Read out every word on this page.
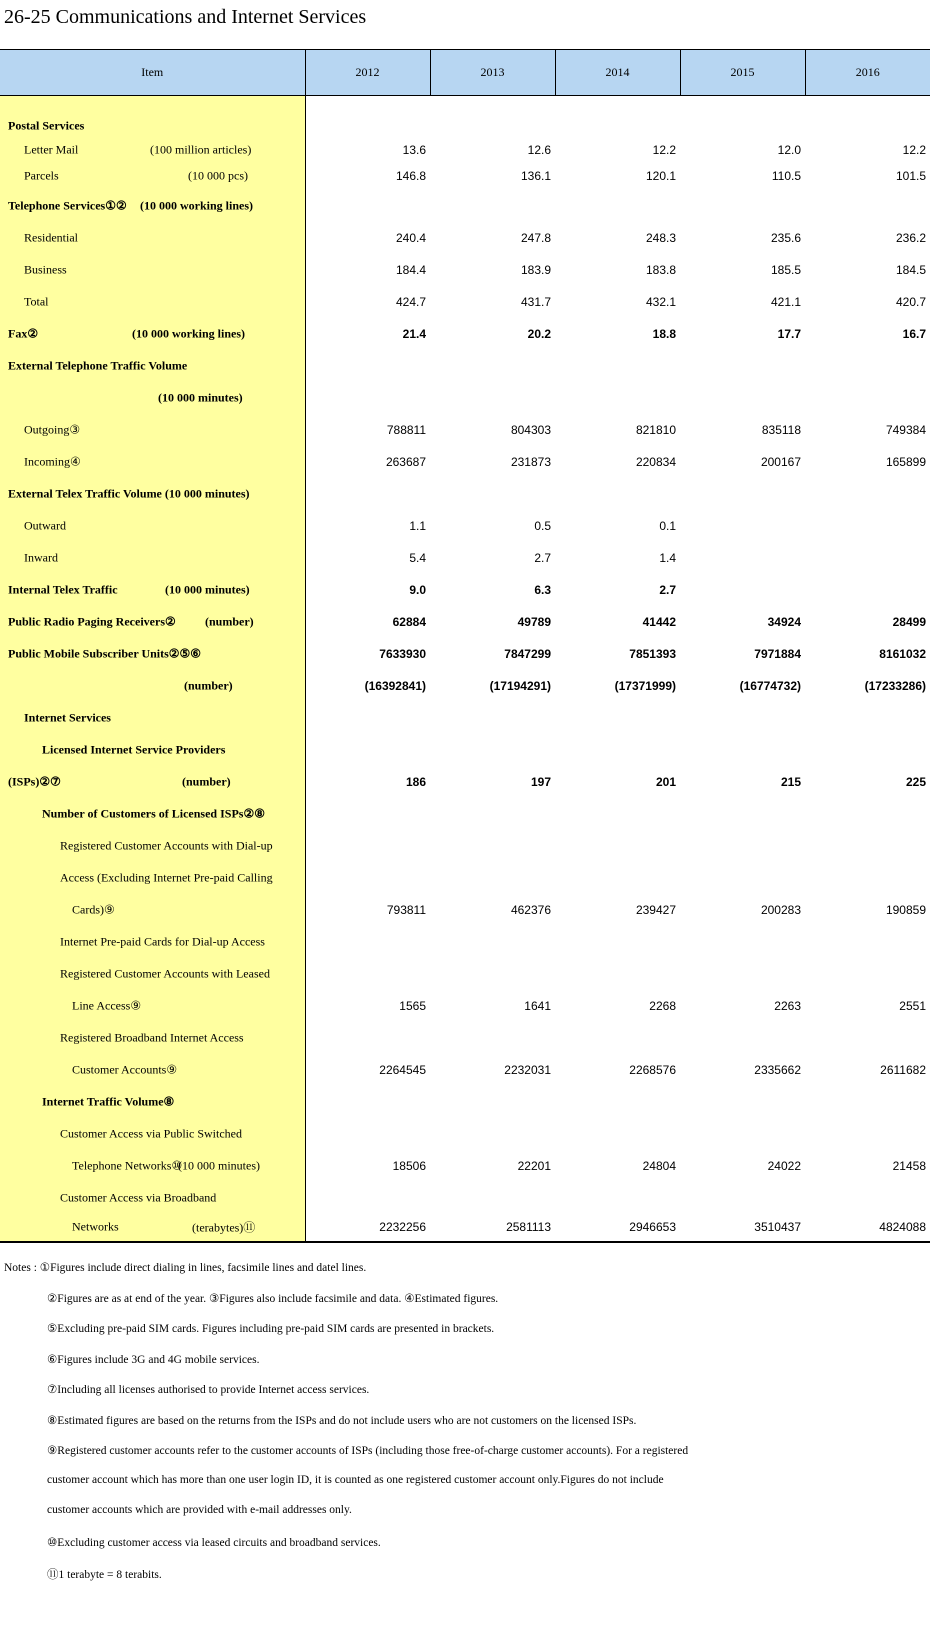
26-25 Communications and Internet Services
Item	2012	2013	2014	2015	2016

Postal Services					

Letter Mail (100 million articles)	13.6	12.6	12.2	12.0	12.2

Parcels (10 000 pcs)	146.8	136.1	120.1	110.5	101.5

Telephone Services①② (10 000 working lines)					

Residential	240.4	247.8	248.3	235.6	236.2

Business	184.4	183.9	183.8	185.5	184.5

Total	424.7	431.7	432.1	421.1	420.7

Fax② (10 000 working lines)	21.4	20.2	18.8	17.7	16.7

External Telephone Traffic Volume					

(10 000 minutes)					

Outgoing③	788811	804303	821810	835118	749384

Incoming④	263687	231873	220834	200167	165899

External Telex Traffic Volume (10 000 minutes)					

Outward	1.1	0.5	0.1		

Inward	5.4	2.7	1.4		

Internal Telex Traffic (10 000 minutes)	9.0	6.3	2.7		

Public Radio Paging Receivers② (number)	62884	49789	41442	34924	28499

Public Mobile Subscriber Units②⑤⑥	7633930	7847299	7851393	7971884	8161032

(number)	(16392841)	(17194291)	(17371999)	(16774732)	(17233286)

Internet Services					

Licensed Internet Service Providers					

(ISPs)②⑦ (number)	186	197	201	215	225

Number of Customers of Licensed ISPs②⑧					

Registered Customer Accounts with Dial-up					

Access (Excluding Internet Pre-paid Calling					

Cards)⑨	793811	462376	239427	200283	190859

Internet Pre-paid Cards for Dial-up Access					

Registered Customer Accounts with Leased					

Line Access⑨	1565	1641	2268	2263	2551

Registered Broadband Internet Access					

Customer Accounts⑨	2264545	2232031	2268576	2335662	2611682

Internet Traffic Volume⑧					

Customer Access via Public Switched					

Telephone Networks⑩
(10 000 minutes)	18506	22201	24804	24022	21458

Customer Access via Broadband					

Networks (terabytes)⑪	2232256	2581113	2946653	3510437	4824088
Notes : ①Figures include direct dialing in lines, facsimile lines and datel lines.
②Figures are as at end of the year. ③Figures also include facsimile and data. ④Estimated figures.
⑤Excluding pre-paid SIM cards. Figures including pre-paid SIM cards are presented in brackets.
⑥Figures include 3G and 4G mobile services.
⑦Including all licenses authorised to provide Internet access services.
⑧Estimated figures are based on the returns from the ISPs and do not include users who are not customers on the licensed ISPs.
⑨Registered customer accounts refer to the customer accounts of ISPs (including those free-of-charge customer accounts). For a registered
customer account which has more than one user login ID, it is counted as one registered customer account only.Figures do not include
customer accounts which are provided with e-mail addresses only.
⑩Excluding customer access via leased circuits and broadband services.
⑪1 terabyte = 8 terabits.
